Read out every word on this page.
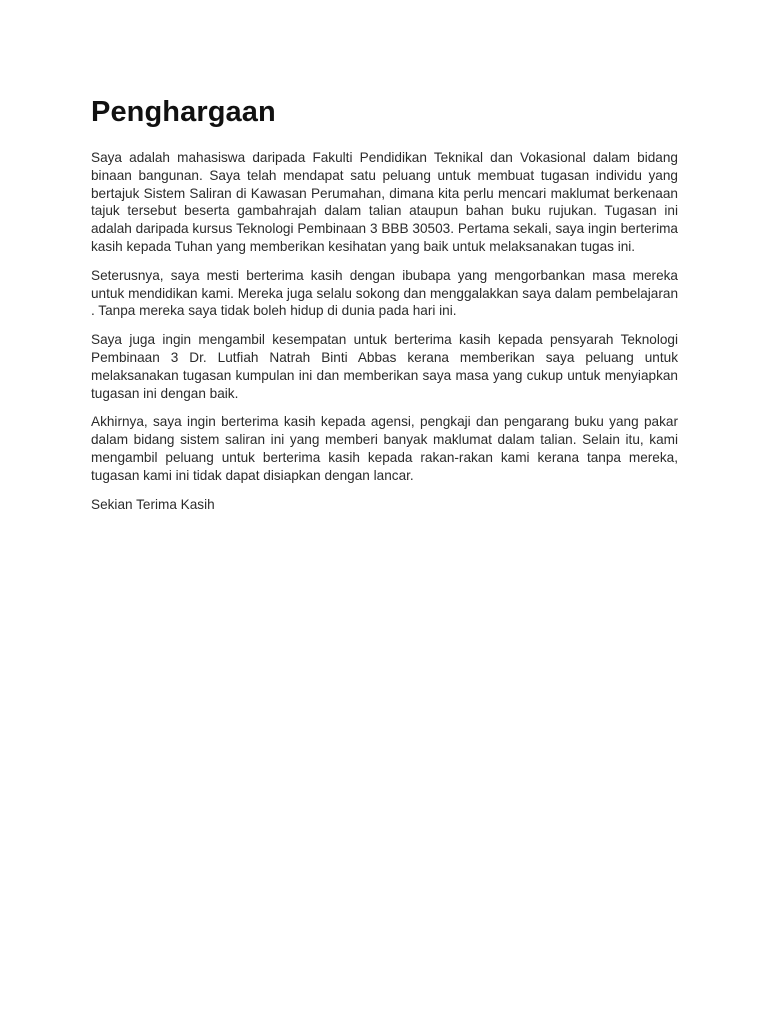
Penghargaan

Saya adalah mahasiswa daripada Fakulti Pendidikan Teknikal dan Vokasional dalam bidang binaan bangunan. Saya telah mendapat satu peluang untuk membuat tugasan individu yang bertajuk Sistem Saliran di Kawasan Perumahan, dimana kita perlu mencari maklumat berkenaan tajuk tersebut beserta gambahrajah dalam talian ataupun bahan buku rujukan. Tugasan ini adalah daripada kursus Teknologi Pembinaan 3 BBB 30503. Pertama sekali, saya ingin berterima kasih kepada Tuhan yang memberikan kesihatan yang baik untuk melaksanakan tugas ini.

Seterusnya, saya mesti berterima kasih dengan ibubapa yang mengorbankan masa mereka untuk mendidikan kami. Mereka juga selalu sokong dan menggalakkan saya dalam pembelajaran . Tanpa mereka saya tidak boleh hidup di dunia pada hari ini.

Saya juga ingin mengambil kesempatan untuk berterima kasih kepada pensyarah Teknologi Pembinaan 3 Dr. Lutfiah Natrah Binti Abbas kerana memberikan saya peluang untuk melaksanakan tugasan kumpulan ini dan memberikan saya masa yang cukup untuk menyiapkan tugasan ini dengan baik.

Akhirnya, saya ingin berterima kasih kepada agensi, pengkaji dan pengarang buku yang pakar dalam bidang sistem saliran ini yang memberi banyak maklumat dalam talian. Selain itu, kami mengambil peluang untuk berterima kasih kepada rakan-rakan kami kerana tanpa mereka, tugasan kami ini tidak dapat disiapkan dengan lancar.

Sekian Terima Kasih
